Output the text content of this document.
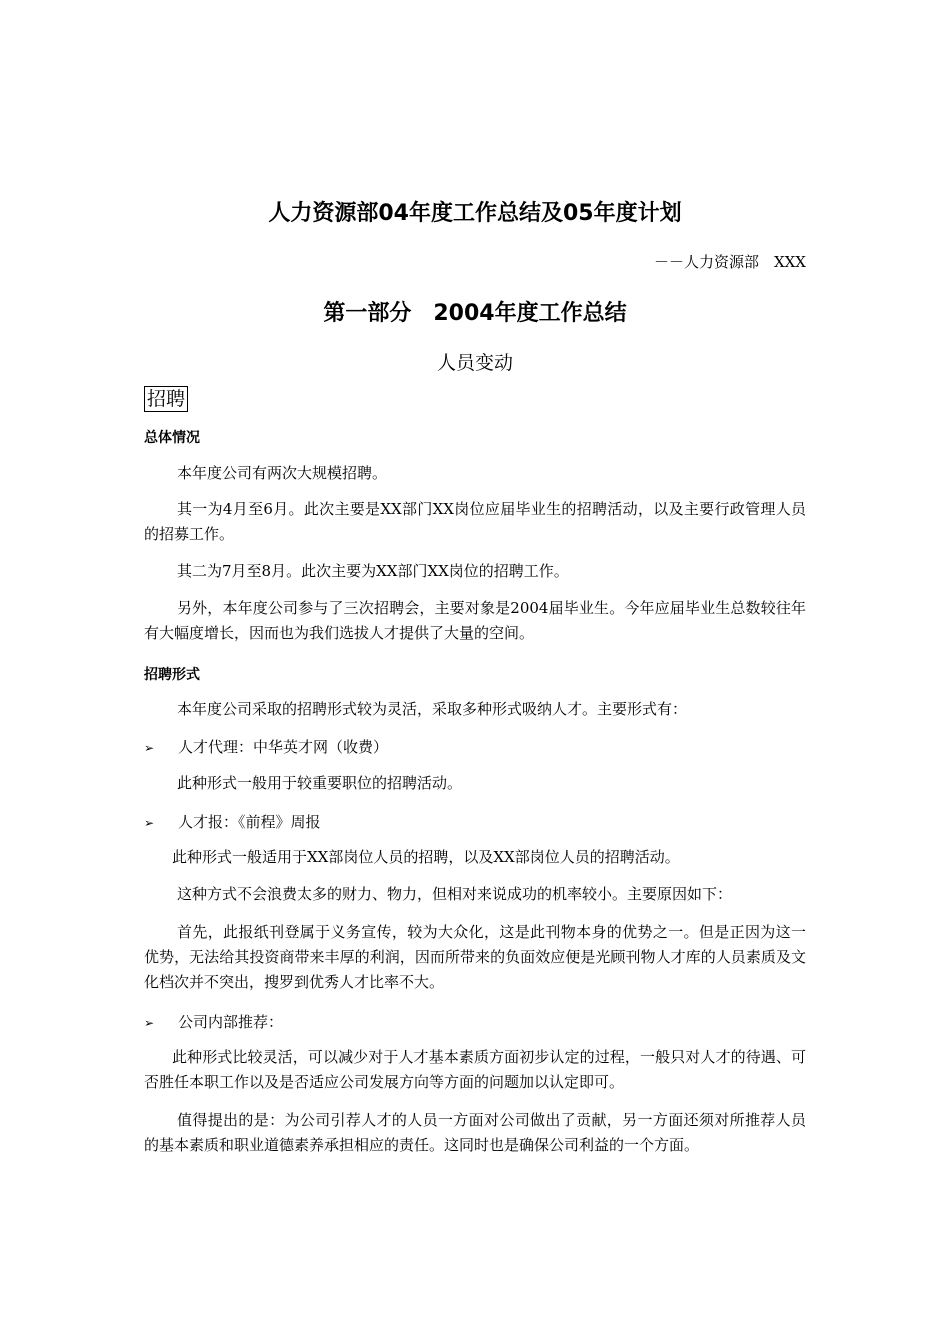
人力资源部04年度工作总结及05年度计划
－－人力资源部　XXX
第一部分　2004年度工作总结
人员变动
招聘
总体情况
本年度公司有两次大规模招聘。
其一为4月至6月。此次主要是XX部门XX岗位应届毕业生的招聘活动，以及主要行政管理人员的招募工作。
其二为7月至8月。此次主要为XX部门XX岗位的招聘工作。
另外，本年度公司参与了三次招聘会，主要对象是2004届毕业生。今年应届毕业生总数较往年有大幅度增长，因而也为我们选拔人才提供了大量的空间。
招聘形式
本年度公司采取的招聘形式较为灵活，采取多种形式吸纳人才。主要形式有：
➢ 人才代理：中华英才网（收费）
此种形式一般用于较重要职位的招聘活动。
➢ 人才报：《前程》周报
此种形式一般适用于XX部岗位人员的招聘，以及XX部岗位人员的招聘活动。
这种方式不会浪费太多的财力、物力，但相对来说成功的机率较小。主要原因如下：
首先，此报纸刊登属于义务宣传，较为大众化，这是此刊物本身的优势之一。但是正因为这一优势，无法给其投资商带来丰厚的利润，因而所带来的负面效应便是光顾刊物人才库的人员素质及文化档次并不突出，搜罗到优秀人才比率不大。
➢ 公司内部推荐：
此种形式比较灵活，可以减少对于人才基本素质方面初步认定的过程，一般只对人才的待遇、可否胜任本职工作以及是否适应公司发展方向等方面的问题加以认定即可。
值得提出的是：为公司引荐人才的人员一方面对公司做出了贡献，另一方面还须对所推荐人员的基本素质和职业道德素养承担相应的责任。这同时也是确保公司利益的一个方面。
